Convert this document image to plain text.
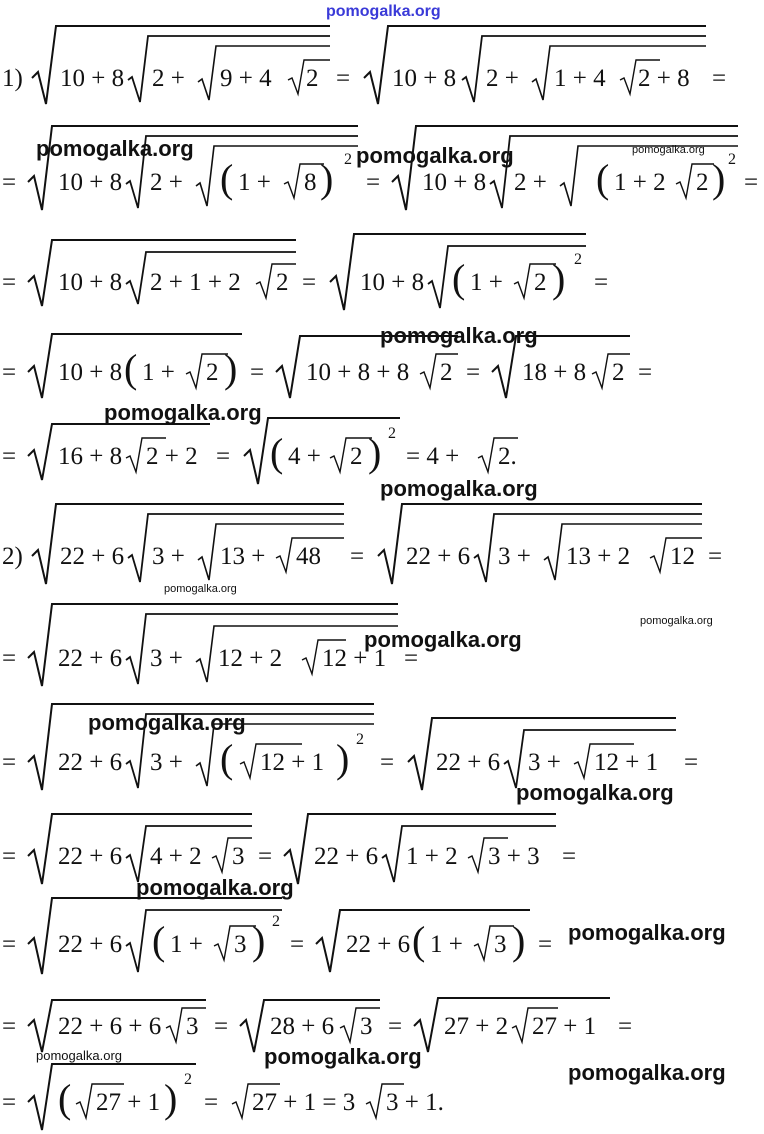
pomogalka.org
1) 10 + 8 2 + 9 + 4 2 = 10 + 8 2 + 1 + 4 2 + 8 =
= 10 + 8 2 + ( 1 + 8 ) 2
= 10 + 8 2 + ( 1 + 2 2 ) 2
=
= 10 + 8 2 + 1 + 2 2 = 10 + 8 ( 1 + 2 ) 2
=
= 10 + 8 ( 1 + 2 ) = 10 + 8 + 8 2 = 18 + 8 2 =
= 16 + 8 2 + 2 = ( 4 + 2 ) 2
= 4 + 2.
2) 22 + 6 3 + 13 + 48 = 22 + 6 3 + 13 + 2 12 =
= 22 + 6 3 + 12 + 2 12 + 1 =
= 22 + 6 3 + ( 12 + 1 ) 2
= 22 + 6 3 + 12 + 1 =
= 22 + 6 4 + 2 3 = 22 + 6 1 + 2 3 + 3 =
= 22 + 6 ( 1 + 3 ) 2
= 22 + 6 ( 1 + 3 ) =
= 22 + 6 + 6 3 = 28 + 6 3 = 27 + 2 27 + 1 =
= ( 27 + 1 ) 2
= 27 + 1 = 3 3 + 1.
pomogalka.org	pomogalka.org	pomogalka.org
pomogalka.org
pomogalka.org
pomogalka.org
pomogalka.org
pomogalka.org
pomogalka.org
pomogalka.org
pomogalka.org
pomogalka.org
pomogalka.org
pomogalka.org	pomogalka.org
pomogalka.org
